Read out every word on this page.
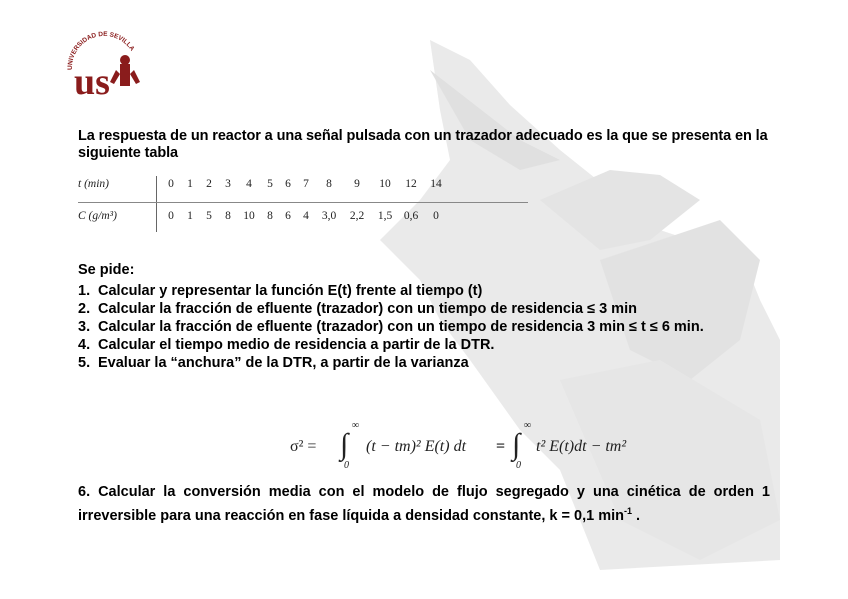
UNIVERSIDAD DE SEVILLA
us
La respuesta de un reactor a una señal pulsada con un trazador adecuado es la que se presenta en la siguiente tabla
t (min)	0	1	2	3	4	5	6	7	8	9	10	12	14
C (g/m³)	0	1	5	8	10	8	6	4	3,0	2,2	1,5	0,6	0
Se pide:
1. Calcular y representar la función E(t) frente al tiempo (t)
2. Calcular la fracción de efluente (trazador) con un tiempo de residencia ≤ 3 min
3. Calcular la fracción de efluente (trazador) con un tiempo de residencia 3 min ≤ t ≤ 6 min.
4. Calcular el tiempo medio de residencia a partir de la DTR.
5. Evaluar la “anchura” de la DTR, a partir de la varianza
σ² = ∫
∞
0
(t − tm)² E(t) dt = ∫
∞
0
t² E(t)dt − tm²
6. Calcular la conversión media con el modelo de flujo segregado y una cinética de orden 1 irreversible para una reacción en fase líquida a densidad constante, k = 0,1 $\min^{-1}$ .
